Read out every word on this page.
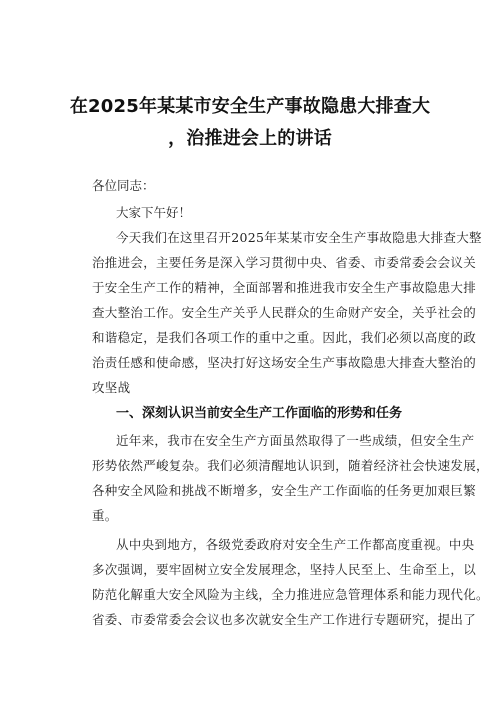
在2025年某某市安全生产事故隐患大排查大
，治推进会上的讲话
各位同志：
大家下午好！
今天我们在这里召开2025年某某市安全生产事故隐患大排查大整
治推进会，主要任务是深入学习贯彻中央、省委、市委常委会会议关
于安全生产工作的精神，全面部署和推进我市安全生产事故隐患大排
查大整治工作。安全生产关乎人民群众的生命财产安全，关乎社会的
和谐稳定，是我们各项工作的重中之重。因此，我们必须以高度的政
治责任感和使命感，坚决打好这场安全生产事故隐患大排查大整治的
攻坚战
一、深刻认识当前安全生产工作面临的形势和任务
近年来，我市在安全生产方面虽然取得了一些成绩，但安全生产
形势依然严峻复杂。我们必须清醒地认识到，随着经济社会快速发展，
各种安全风险和挑战不断增多，安全生产工作面临的任务更加艰巨繁
重。
从中央到地方，各级党委政府对安全生产工作都高度重视。中央
多次强调，要牢固树立安全发展理念，坚持人民至上、生命至上，以
防范化解重大安全风险为主线，全力推进应急管理体系和能力现代化。
省委、市委常委会会议也多次就安全生产工作进行专题研究，提出了
